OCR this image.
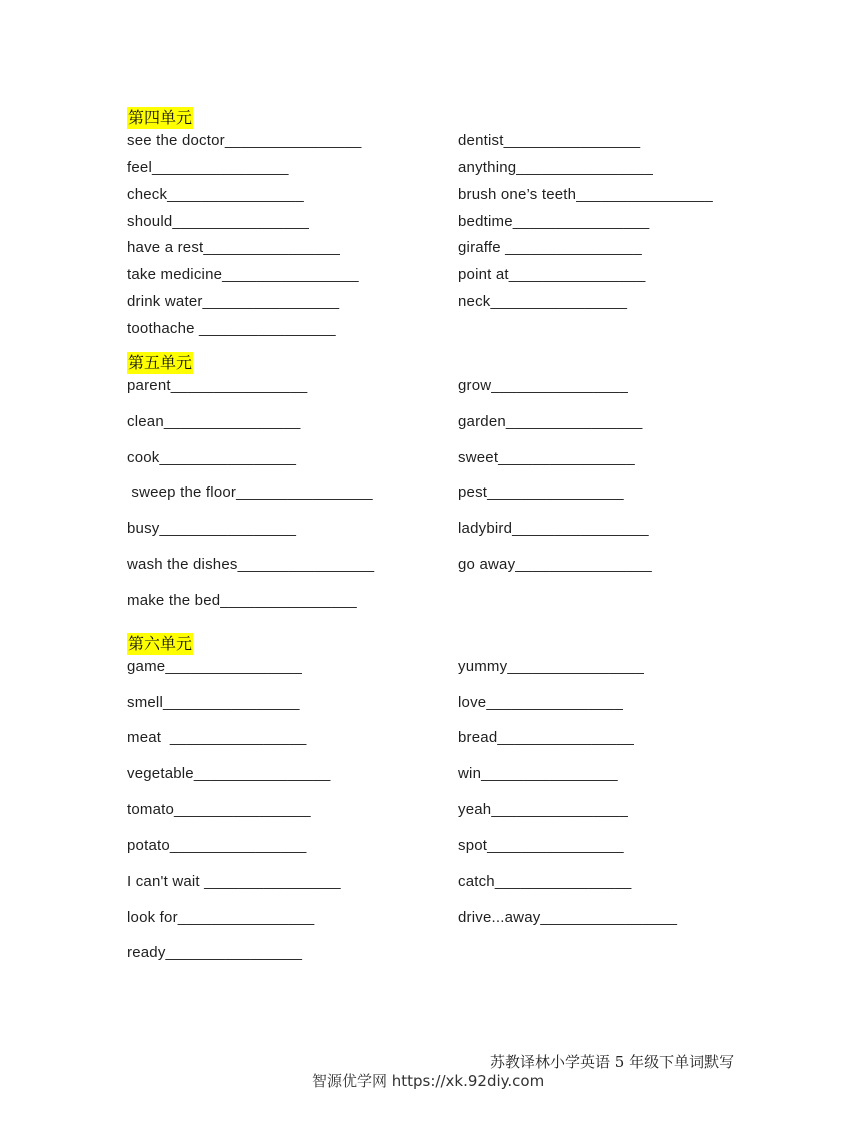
第四单元
see the doctor________________
feel________________
check________________
should________________
have a rest________________
take medicine________________
drink water________________
toothache ________________
dentist________________
anything________________
brush one’s teeth________________
bedtime________________
giraffe ________________
point at________________
neck________________
第五单元
parent________________
clean________________
cook________________
sweep the floor________________
busy________________
wash the dishes________________
make the bed________________
grow________________
garden________________
sweet________________
pest________________
ladybird________________
go away________________
第六单元
game________________
smell________________
meat  ________________
vegetable________________
tomato________________
potato________________
I can't wait ________________
look for________________
ready________________
yummy________________
love________________
bread________________
win________________
yeah________________
spot________________
catch________________
drive...away________________
苏教译林小学英语 5 年级下单词默写
智源优学网 https://xk.92diy.com
